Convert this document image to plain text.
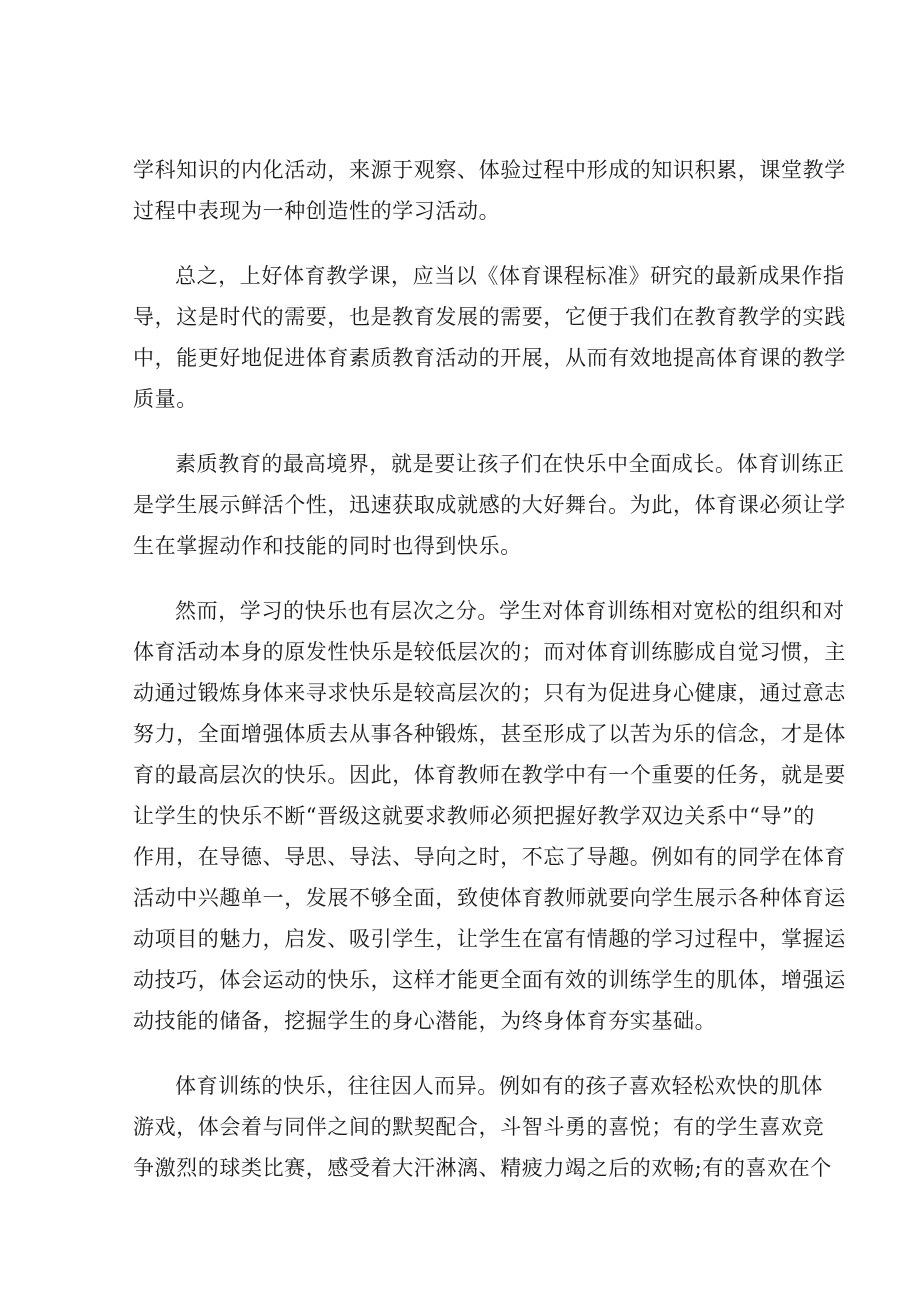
学科知识的内化活动，来源于观察、体验过程中形成的知识积累，课堂教学
过程中表现为一种创造性的学习活动。
总之，上好体育教学课，应当以《体育课程标准》研究的最新成果作指
导，这是时代的需要，也是教育发展的需要，它便于我们在教育教学的实践
中，能更好地促进体育素质教育活动的开展，从而有效地提高体育课的教学
质量。
素质教育的最高境界，就是要让孩子们在快乐中全面成长。体育训练正
是学生展示鲜活个性，迅速获取成就感的大好舞台。为此，体育课必须让学
生在掌握动作和技能的同时也得到快乐。
然而，学习的快乐也有层次之分。学生对体育训练相对宽松的组织和对
体育活动本身的原发性快乐是较低层次的；而对体育训练膨成自觉习惯，主
动通过锻炼身体来寻求快乐是较高层次的；只有为促进身心健康，通过意志
努力，全面增强体质去从事各种锻炼，甚至形成了以苦为乐的信念，才是体
育的最高层次的快乐。因此，体育教师在教学中有一个重要的任务，就是要
让学生的快乐不断“晋级这就要求教师必须把握好教学双边关系中“导”的
作用，在导德、导思、导法、导向之时，不忘了导趣。例如有的同学在体育
活动中兴趣单一，发展不够全面，致使体育教师就要向学生展示各种体育运
动项目的魅力，启发、吸引学生，让学生在富有情趣的学习过程中，掌握运
动技巧，体会运动的快乐，这样才能更全面有效的训练学生的肌体，增强运
动技能的储备，挖掘学生的身心潜能，为终身体育夯实基础。
体育训练的快乐，往往因人而异。例如有的孩子喜欢轻松欢快的肌体
游戏，体会着与同伴之间的默契配合，斗智斗勇的喜悦；有的学生喜欢竞
争激烈的球类比赛，感受着大汗淋漓、精疲力竭之后的欢畅;有的喜欢在个
